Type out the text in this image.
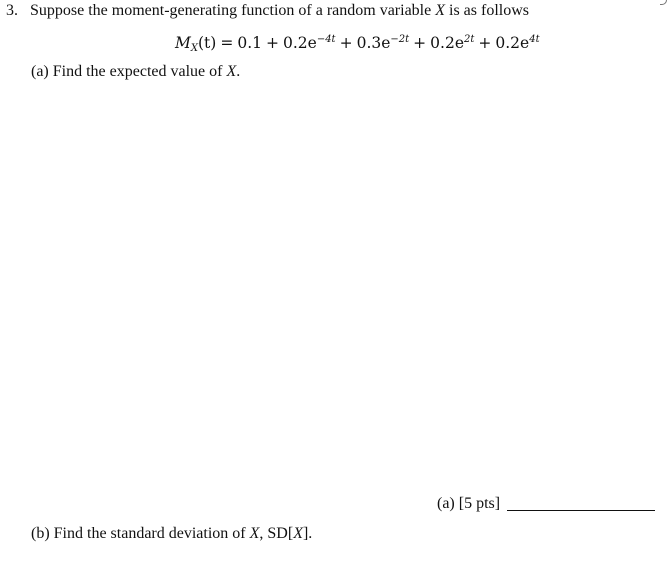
3. Suppose the moment-generating function of a random variable X is as follows
$M_X(t) = 0.1 + 0.2e^{-4t} + 0.3e^{-2t} + 0.2e^{2t} + 0.2e^{4t}$
(a) Find the expected value of X.
(a) [5 pts]
(b) Find the standard deviation of X, SD[X].
